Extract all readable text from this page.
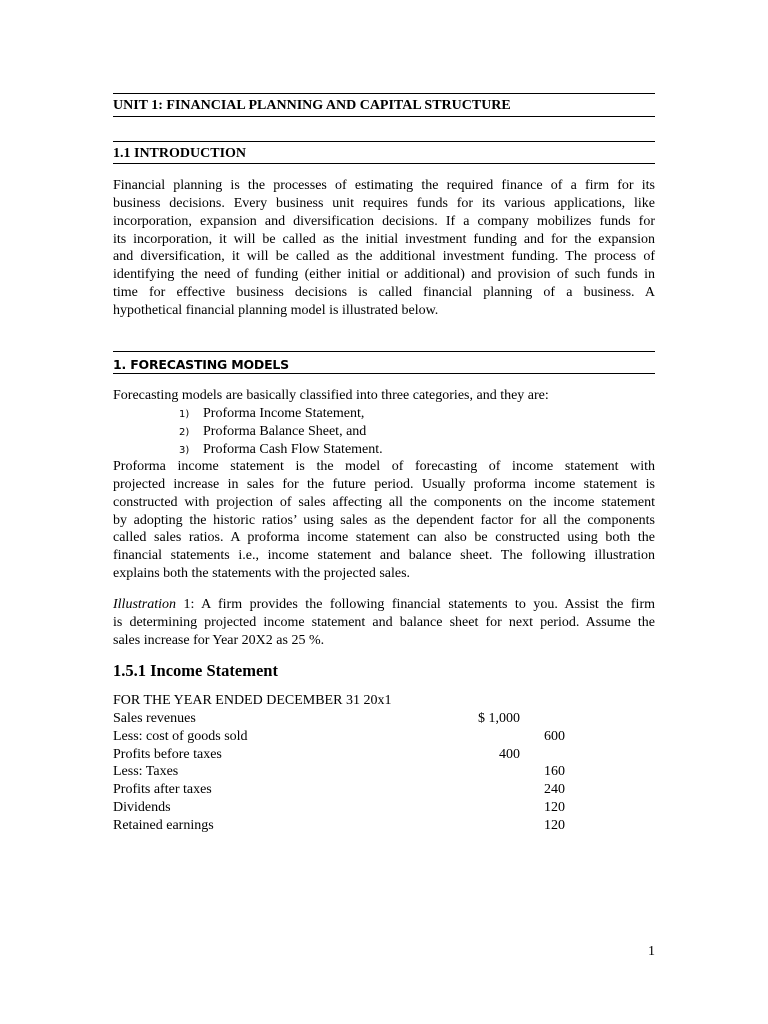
UNIT 1: FINANCIAL PLANNING AND CAPITAL STRUCTURE
1.1 INTRODUCTION
Financial planning is the processes of estimating the required finance of a firm for its
business decisions. Every business unit requires funds for its various applications, like
incorporation, expansion and diversification decisions. If a company mobilizes funds for
its incorporation, it will be called as the initial investment funding and for the expansion
and diversification, it will be called as the additional investment funding. The process of
identifying the need of funding (either initial or additional) and provision of such funds in
time for effective business decisions is called financial planning of a business. A
hypothetical financial planning model is illustrated below.
1. FORECASTING MODELS
Forecasting models are basically classified into three categories, and they are:
1) Proforma Income Statement,
2) Proforma Balance Sheet, and
3) Proforma Cash Flow Statement.
Proforma income statement is the model of forecasting of income statement with
projected increase in sales for the future period. Usually proforma income statement is
constructed with projection of sales affecting all the components on the income statement
by adopting the historic ratios’ using sales as the dependent factor for all the components
called sales ratios. A proforma income statement can also be constructed using both the
financial statements i.e., income statement and balance sheet. The following illustration
explains both the statements with the projected sales.
Illustration 1: A firm provides the following financial statements to you. Assist the firm
is determining projected income statement and balance sheet for next period. Assume the
sales increase for Year 20X2 as 25 %.
1.5.1 Income Statement
FOR THE YEAR ENDED DECEMBER 31 20x1
Sales revenues	$ 1,000
Less: cost of goods sold	600
Profits before taxes	400
Less: Taxes	160
Profits after taxes	240
Dividends	120
Retained earnings	120
1
